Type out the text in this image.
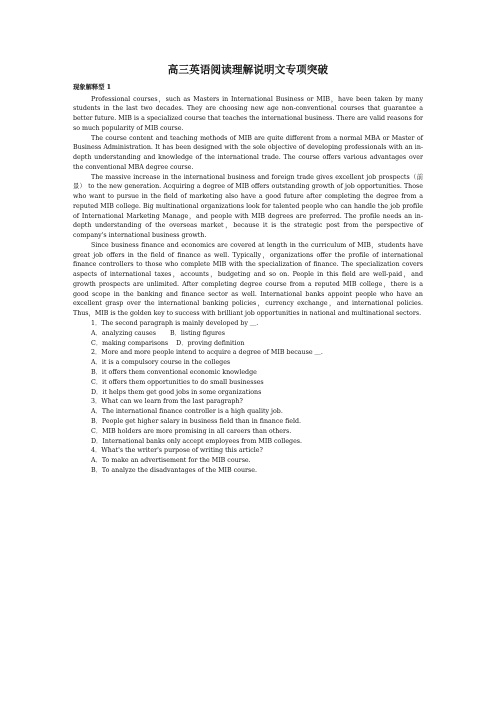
高三英语阅读理解说明文专项突破
现象解释型 1

Professional courses，such as Masters in International Business or MIB，have been taken by many students in the last two decades. They are choosing new age non-conventional courses that guarantee a better future. MIB is a specialized course that teaches the international business. There are valid reasons for so much popularity of MIB course.

The course content and teaching methods of MIB are quite different from a normal MBA or Master of Business Administration. It has been designed with the sole objective of developing professionals with an in-depth understanding and knowledge of the international trade. The course offers various advantages over the conventional MBA degree course.

The massive increase in the international business and foreign trade gives excellent job prospects（前景） to the new generation. Acquiring a degree of MIB offers outstanding growth of job opportunities. Those who want to pursue in the field of marketing also have a good future after completing the degree from a reputed MIB college. Big multinational organizations look for talented people who can handle the job profile of International Marketing Manage，and people with MIB degrees are preferred. The profile needs an in-depth understanding of the overseas market，because it is the strategic post from the perspective of company's international business growth.

Since business finance and economics are covered at length in the curriculum of MIB，students have great job offers in the field of finance as well. Typically，organizations offer the profile of international finance controllers to those who complete MIB with the specialization of finance. The specialization covers aspects of international taxes，accounts，budgeting and so on. People in this field are well-paid，and growth prospects are unlimited. After completing degree course from a reputed MIB college，there is a good scope in the banking and finance sector as well. International banks appoint people who have an excellent grasp over the international banking policies，currency exchange，and international policies. Thus，MIB is the golden key to success with brilliant job opportunities in national and multinational sectors.

1．The second paragraph is mainly developed by ＿.
A．analyzing causes B．listing figures
C．making comparisons D．proving definition
2．More and more people intend to acquire a degree of MIB because ＿.
A．it is a compulsory course in the colleges
B．it offers them conventional economic knowledge
C．it offers them opportunities to do small businesses
D．it helps them get good jobs in some organizations
3．What can we learn from the last paragraph?
A．The international finance controller is a high quality job.
B．People get higher salary in business field than in finance field.
C．MIB holders are more promising in all careers than others.
D．International banks only accept employees from MIB colleges.
4．What's the writer's purpose of writing this article?
A．To make an advertisement for the MIB course.
B．To analyze the disadvantages of the MIB course.
